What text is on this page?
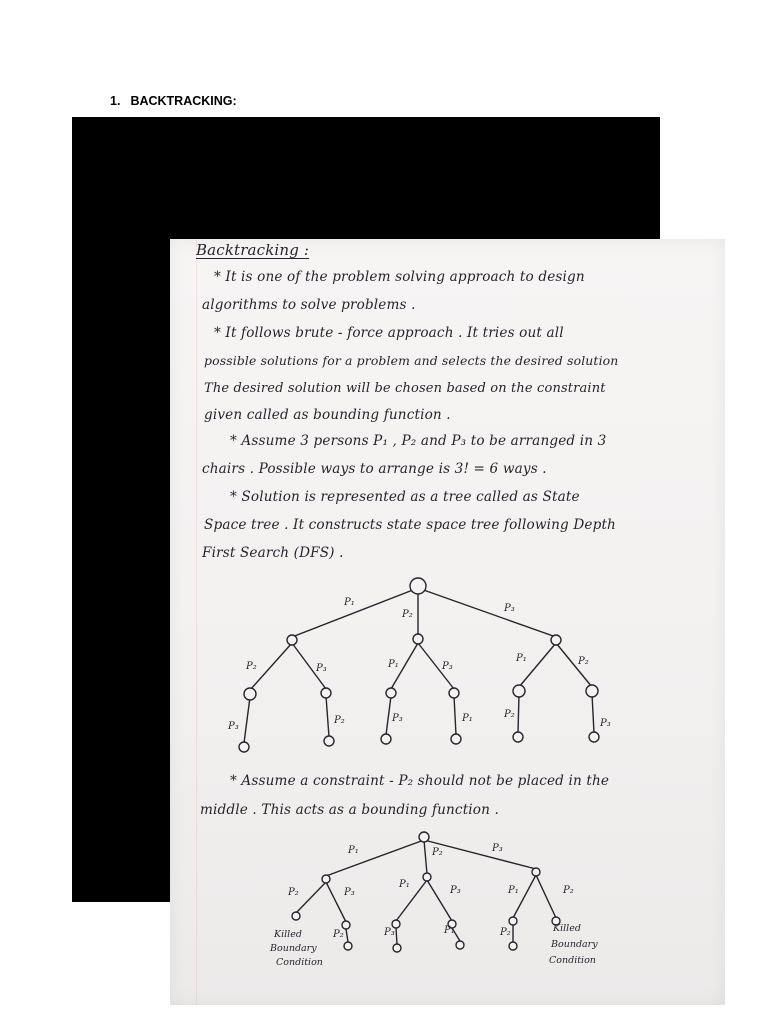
1. BACKTRACKING:
Backtracking :
* It is one of the problem solving approach to design
algorithms to solve problems .
* It follows brute - force approach . It tries out all
possible solutions for a problem and selects the desired solution
The desired solution will be chosen based on the constraint
given called as bounding function .
* Assume 3 persons P₁ , P₂ and P₃ to be arranged in 3
chairs . Possible ways to arrange is 3! = 6 ways .
* Solution is represented as a tree called as State
Space tree . It constructs state space tree following Depth
First Search (DFS) .
* Assume a constraint - P₂ should not be placed in the
middle . This acts as a bounding function .
P₁
P₂
P₃
P₂	P₃	P₁	P₃
P₁	P₂
P₃
P₂	P₃	P₁	P₂
P₃
P₁	P₂	P₃
P₂	P₃
P₁
P₃	P₁	P₂
P₂	P₃	P₁	P₂
Killed
Boundary
Condition
Killed
Boundary
Condition
